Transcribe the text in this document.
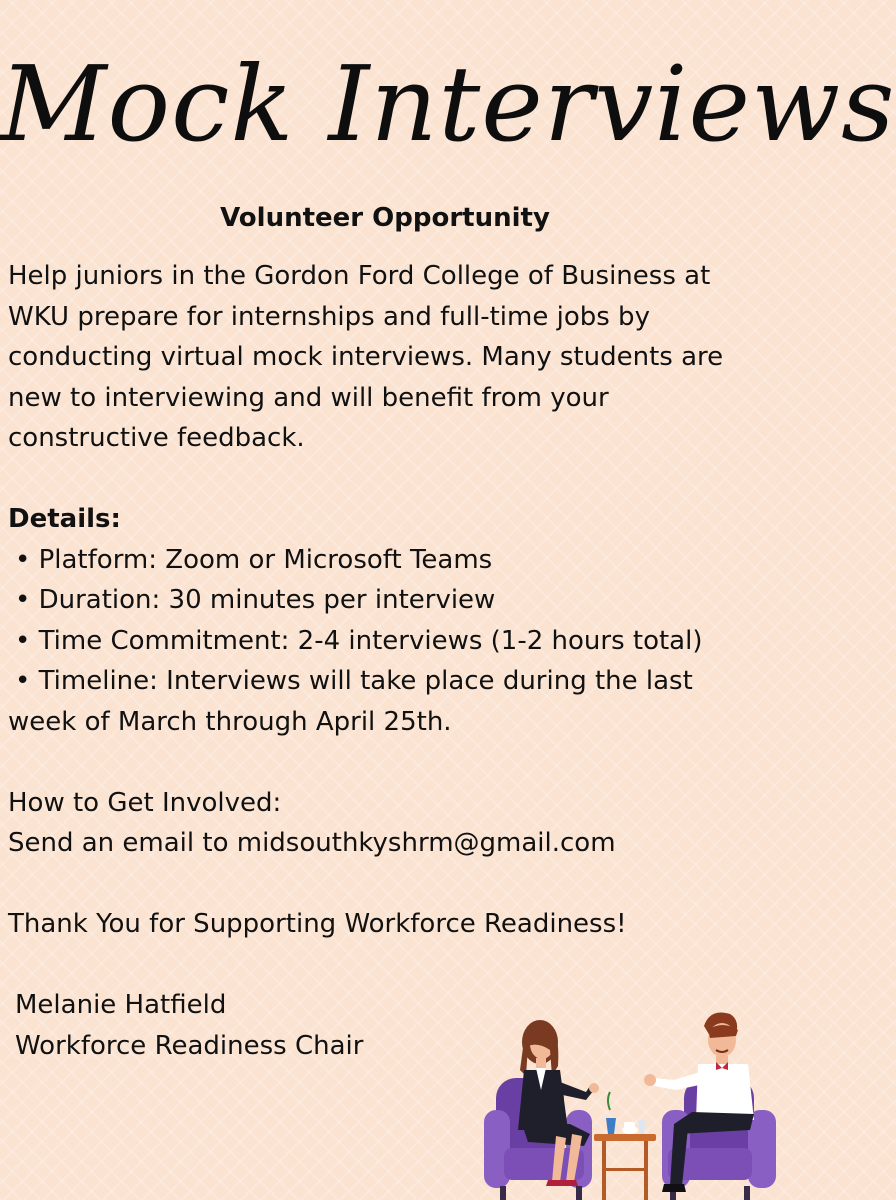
Mock Interviews
Volunteer Opportunity

Help juniors in the Gordon Ford College of Business at WKU prepare for internships and full-time jobs by conducting virtual mock interviews. Many students are new to interviewing and will benefit from your constructive feedback.

Details:

• Platform: Zoom or Microsoft Teams

• Duration: 30 minutes per interview

• Time Commitment: 2-4 interviews (1-2 hours total)

• Timeline: Interviews will take place during the last

week of March through April 25th.

How to Get Involved:

Send an email to midsouthkyshrm@gmail.com

Thank You for Supporting Workforce Readiness!

Melanie Hatfield

Workforce Readiness Chair
